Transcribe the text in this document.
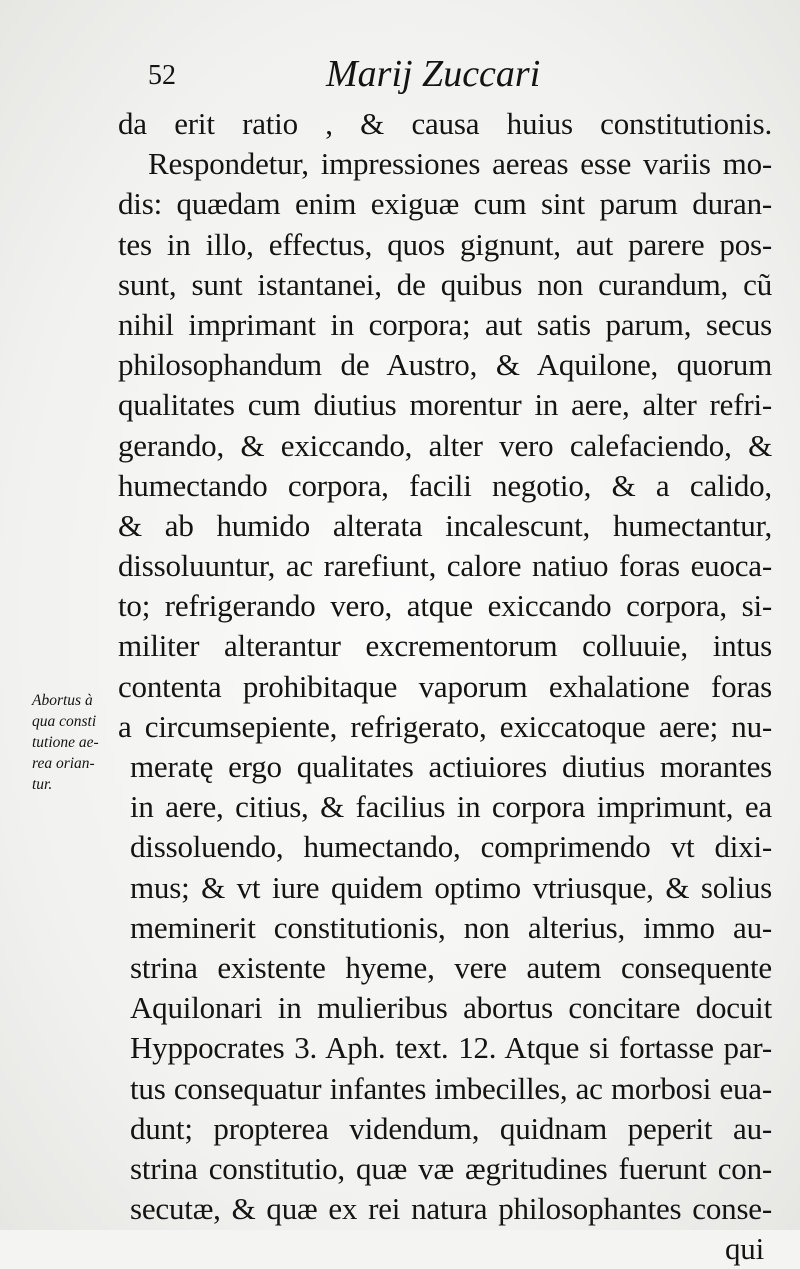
52	Marij Zuccari
da erit ratio , & causa huius constitutionis.
Respondetur, impressiones aereas esse variis mo-
dis: quædam enim exiguæ cum sint parum duran-
tes in illo, effectus, quos gignunt, aut parere pos-
sunt, sunt istantanei, de quibus non curandum, cũ
nihil imprimant in corpora; aut satis parum, secus
philosophandum de Austro, & Aquilone, quorum
qualitates cum diutius morentur in aere, alter refri-
gerando, & exiccando, alter vero calefaciendo, &
humectando corpora, facili negotio, & a calido,
& ab humido alterata incalescunt, humectantur,
dissoluuntur, ac rarefiunt, calore natiuo foras euoca-
to; refrigerando vero, atque exiccando corpora, si-
militer alterantur excrementorum colluuie, intus
contenta prohibitaque vaporum exhalatione foras
a circumsepiente, refrigerato, exiccatoque aere; nu-
meratę ergo qualitates actiuiores diutius morantes
in aere, citius, & facilius in corpora imprimunt, ea
dissoluendo, humectando, comprimendo vt dixi-
mus; & vt iure quidem optimo vtriusque, & solius
meminerit constitutionis, non alterius, immo au-
strina existente hyeme, vere autem consequente
Aquilonari in mulieribus abortus concitare docuit
Hyppocrates 3. Aph. text. 12. Atque si fortasse par-
tus consequatur infantes imbecilles, ac morbosi eua-
dunt; propterea videndum, quidnam peperit au-
strina constitutio, quæ væ ægritudines fuerunt con-
secutæ, & quæ ex rei natura philosophantes conse-
qui
Abortus à
qua consti
tutione ae-
rea orian-
tur.
